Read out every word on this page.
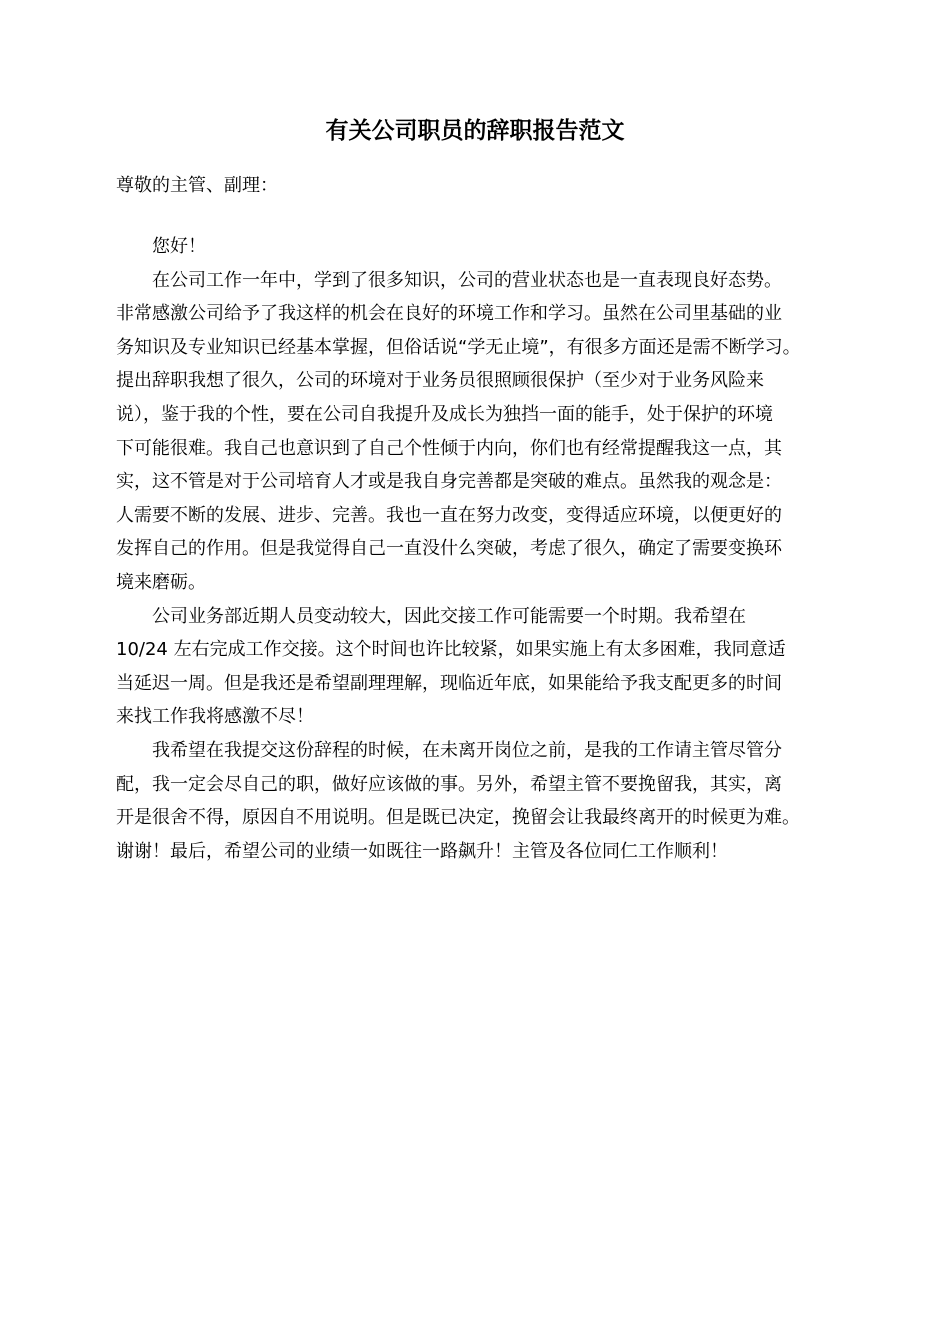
有关公司职员的辞职报告范文

尊敬的主管、副理：

您好！
在公司工作一年中，学到了很多知识，公司的营业状态也是一直表现良好态势。
非常感激公司给予了我这样的机会在良好的环境工作和学习。虽然在公司里基础的业
务知识及专业知识已经基本掌握，但俗话说“学无止境”，有很多方面还是需不断学习。
提出辞职我想了很久，公司的环境对于业务员很照顾很保护（至少对于业务风险来
说），鉴于我的个性，要在公司自我提升及成长为独挡一面的能手，处于保护的环境
下可能很难。我自己也意识到了自己个性倾于内向，你们也有经常提醒我这一点，其
实，这不管是对于公司培育人才或是我自身完善都是突破的难点。虽然我的观念是：
人需要不断的发展、进步、完善。我也一直在努力改变，变得适应环境，以便更好的
发挥自己的作用。但是我觉得自己一直没什么突破，考虑了很久，确定了需要变换环
境来磨砺。
公司业务部近期人员变动较大，因此交接工作可能需要一个时期。我希望在
10/24 左右完成工作交接。这个时间也许比较紧，如果实施上有太多困难，我同意适
当延迟一周。但是我还是希望副理理解，现临近年底，如果能给予我支配更多的时间
来找工作我将感激不尽！
我希望在我提交这份辞程的时候，在未离开岗位之前，是我的工作请主管尽管分
配，我一定会尽自己的职，做好应该做的事。另外，希望主管不要挽留我，其实，离
开是很舍不得，原因自不用说明。但是既已决定，挽留会让我最终离开的时候更为难。
谢谢！最后，希望公司的业绩一如既往一路飙升！主管及各位同仁工作顺利！
